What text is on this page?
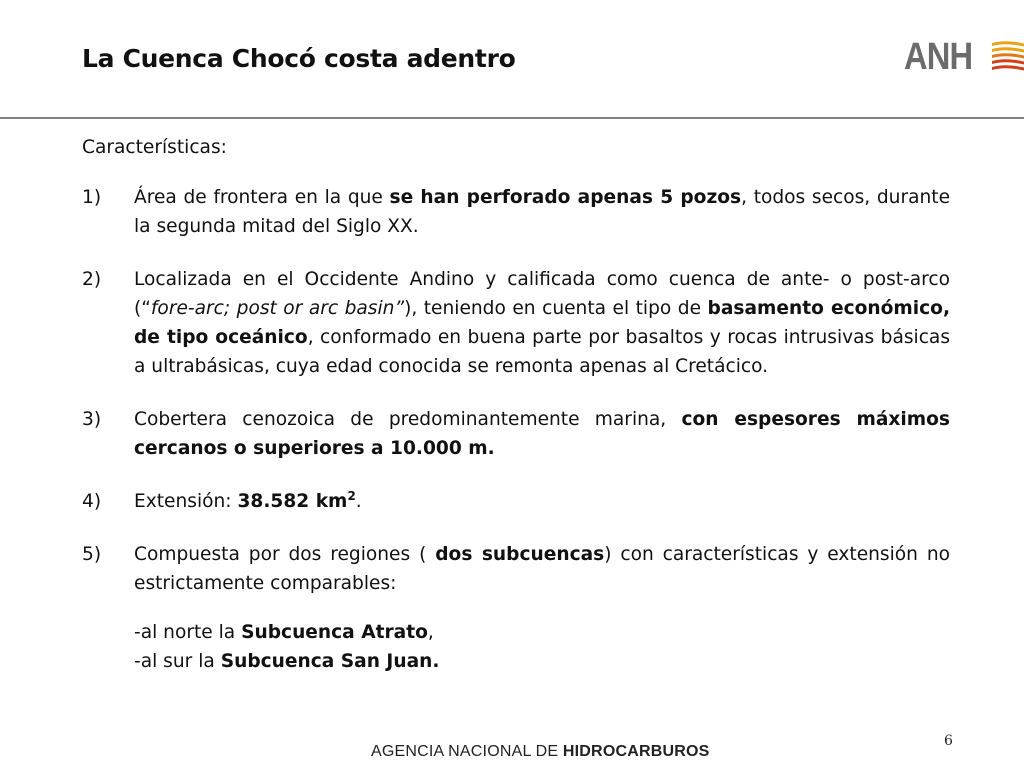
La Cuenca Chocó costa adentro	ANH

Características:

1) Área de frontera en la que se han perforado apenas 5 pozos, todos secos, durante la segunda mitad del Siglo XX.
2) Localizada en el Occidente Andino y calificada como cuenca de ante- o post-arco (“fore-arc; post or arc basin”), teniendo en cuenta el tipo de basamento económico, de tipo oceánico, conformado en buena parte por basaltos y rocas intrusivas básicas a ultrabásicas, cuya edad conocida se remonta apenas al Cretácico.
3) Cobertera cenozoica de predominantemente marina, con espesores máximos cercanos o superiores a 10.000 m.
4) Extensión: 38.582 $km^2$.
5) Compuesta por dos regiones ( dos subcuencas) con características y extensión no estrictamente comparables:

-al norte la Subcuenca Atrato,

-al sur la Subcuenca San Juan.

6
AGENCIA NACIONAL DE HIDROCARBUROS
